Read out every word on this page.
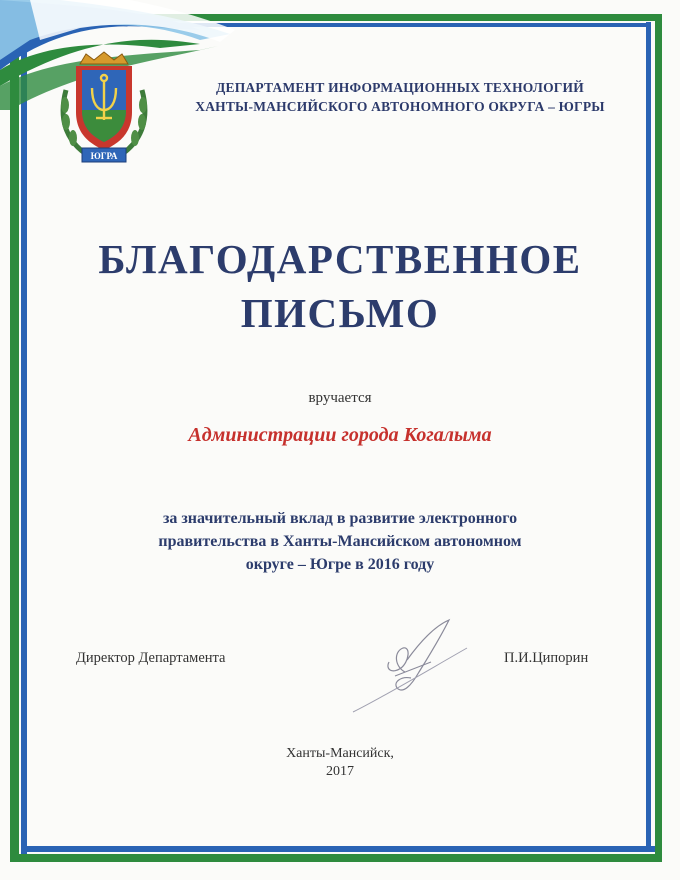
ЮГРА
ДЕПАРТАМЕНТ ИНФОРМАЦИОННЫХ ТЕХНОЛОГИЙ
ХАНТЫ-МАНСИЙСКОГО АВТОНОМНОГО ОКРУГА – ЮГРЫ
БЛАГОДАРСТВЕННОЕ
ПИСЬМО
вручается
Администрации города Когалыма
за значительный вклад в развитие электронного
правительства в Ханты-Мансийском автономном
округе – Югре в 2016 году
Директор Департамента	П.И.Ципорин
Ханты-Мансийск,
2017
